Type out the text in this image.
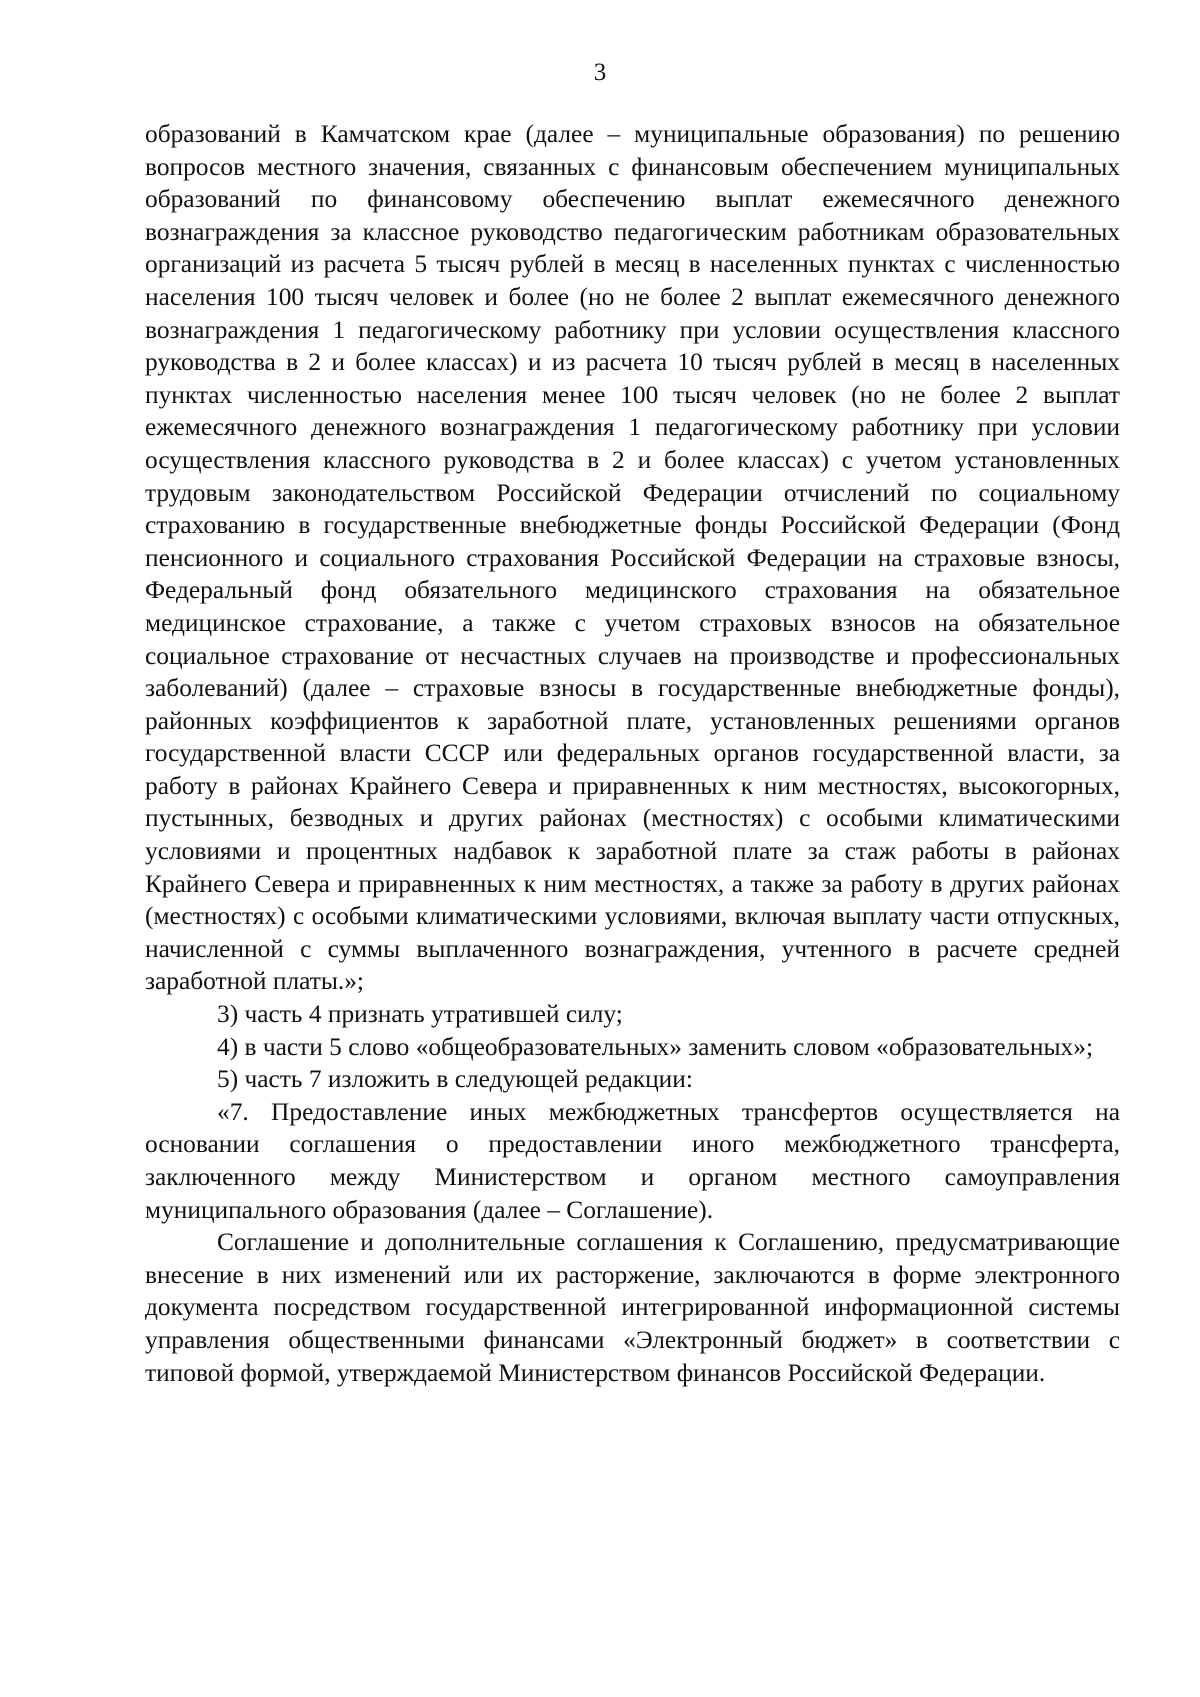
3

образований в Камчатском крае (далее – муниципальные образования) по решению вопросов местного значения, связанных с финансовым обеспечением муниципальных образований по финансовому обеспечению выплат ежемесячного денежного вознаграждения за классное руководство педагогическим работникам образовательных организаций из расчета 5 тысяч рублей в месяц в населенных пунктах с численностью населения 100 тысяч человек и более (но не более 2 выплат ежемесячного денежного вознаграждения 1 педагогическому работнику при условии осуществления классного руководства в 2 и более классах) и из расчета 10 тысяч рублей в месяц в населенных пунктах численностью населения менее 100 тысяч человек (но не более 2 выплат ежемесячного денежного вознаграждения 1 педагогическому работнику при условии осуществления классного руководства в 2 и более классах) с учетом установленных трудовым законодательством Российской Федерации отчислений по социальному страхованию в государственные внебюджетные фонды Российской Федерации (Фонд пенсионного и социального страхования Российской Федерации на страховые взносы, Федеральный фонд обязательного медицинского страхования на обязательное медицинское страхование, а также с учетом страховых взносов на обязательное социальное страхование от несчастных случаев на производстве и профессиональных заболеваний) (далее – страховые взносы в государственные внебюджетные фонды), районных коэффициентов к заработной плате, установленных решениями органов государственной власти СССР или федеральных органов государственной власти, за работу в районах Крайнего Севера и приравненных к ним местностях, высокогорных, пустынных, безводных и других районах (местностях) с особыми климатическими условиями и процентных надбавок к заработной плате за стаж работы в районах Крайнего Севера и приравненных к ним местностях, а также за работу в других районах (местностях) с особыми климатическими условиями, включая выплату части отпускных, начисленной с суммы выплаченного вознаграждения, учтенного в расчете средней заработной платы.»;

3) часть 4 признать утратившей силу;

4) в части 5 слово «общеобразовательных» заменить словом «образовательных»;

5) часть 7 изложить в следующей редакции:

«7. Предоставление иных межбюджетных трансфертов осуществляется на основании соглашения о предоставлении иного межбюджетного трансферта, заключенного между Министерством и органом местного самоуправления муниципального образования (далее – Соглашение).

Соглашение и дополнительные соглашения к Соглашению, предусматривающие внесение в них изменений или их расторжение, заключаются в форме электронного документа посредством государственной интегрированной информационной системы управления общественными финансами «Электронный бюджет» в соответствии с типовой формой, утверждаемой Министерством финансов Российской Федерации.
